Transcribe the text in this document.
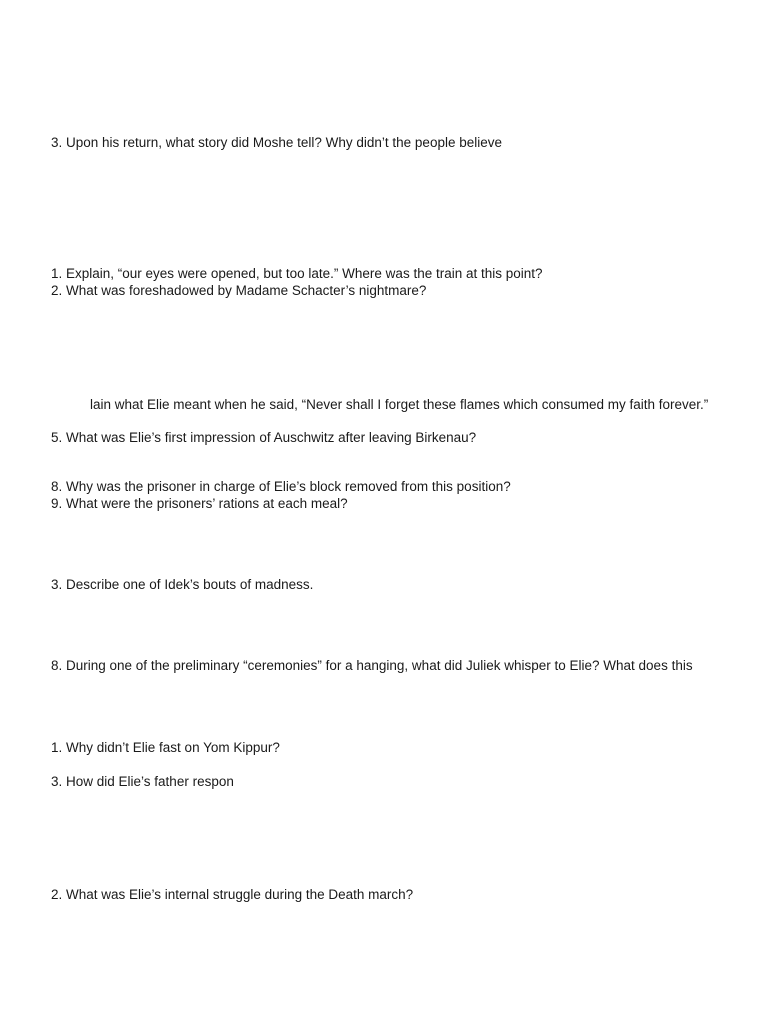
3. Upon his return, what story did Moshe tell? Why didn’t the people believe

1. Explain, “our eyes were opened, but too late.” Where was the train at this point?

2. What was foreshadowed by Madame Schacter’s nightmare?

lain what Elie meant when he said, “Never shall I forget these flames which consumed my faith forever.”

5. What was Elie’s first impression of Auschwitz after leaving Birkenau?

8. Why was the prisoner in charge of Elie’s block removed from this position?

9. What were the prisoners’ rations at each meal?

3. Describe one of Idek’s bouts of madness.

8. During one of the preliminary “ceremonies” for a hanging, what did Juliek whisper to Elie? What does this

1. Why didn’t Elie fast on Yom Kippur?

3. How did Elie’s father respon

2. What was Elie’s internal struggle during the Death march?
